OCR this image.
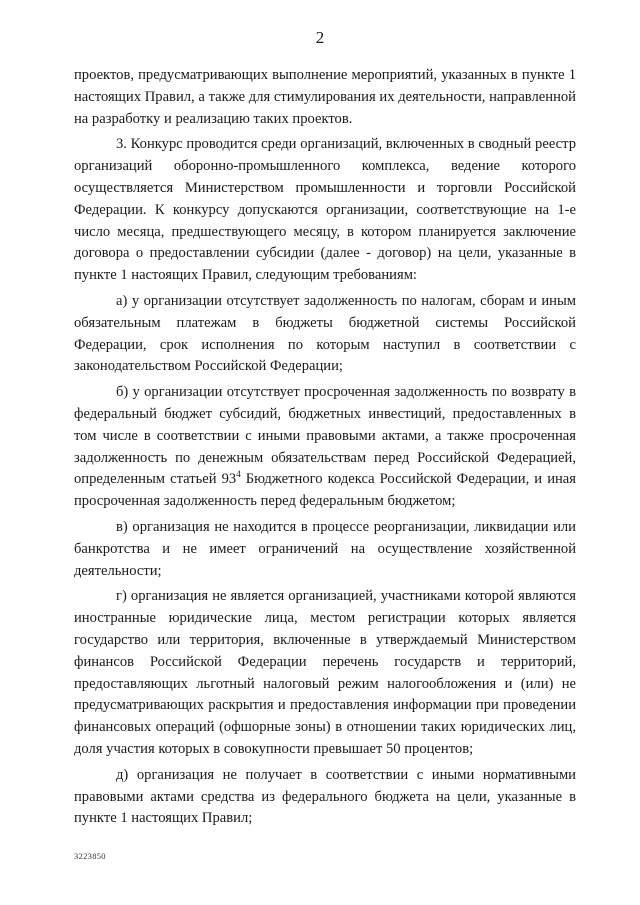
2

проектов, предусматривающих выполнение мероприятий, указанных в пункте 1 настоящих Правил, а также для стимулирования их деятельности, направленной на разработку и реализацию таких проектов.

3. Конкурс проводится среди организаций, включенных в сводный реестр организаций оборонно-промышленного комплекса, ведение которого осуществляется Министерством промышленности и торговли Российской Федерации. К конкурсу допускаются организации, соответствующие на 1-е число месяца, предшествующего месяцу, в котором планируется заключение договора о предоставлении субсидии (далее - договор) на цели, указанные в пункте 1 настоящих Правил, следующим требованиям:

а) у организации отсутствует задолженность по налогам, сборам и иным обязательным платежам в бюджеты бюджетной системы Российской Федерации, срок исполнения по которым наступил в соответствии с законодательством Российской Федерации;

б) у организации отсутствует просроченная задолженность по возврату в федеральный бюджет субсидий, бюджетных инвестиций, предоставленных в том числе в соответствии с иными правовыми актами, а также просроченная задолженность по денежным обязательствам перед Российской Федерацией, определенным статьей $93^4$ Бюджетного кодекса Российской Федерации, и иная просроченная задолженность перед федеральным бюджетом;

в) организация не находится в процессе реорганизации, ликвидации или банкротства и не имеет ограничений на осуществление хозяйственной деятельности;

г) организация не является организацией, участниками которой являются иностранные юридические лица, местом регистрации которых является государство или территория, включенные в утверждаемый Министерством финансов Российской Федерации перечень государств и территорий, предоставляющих льготный налоговый режим налогообложения и (или) не предусматривающих раскрытия и предоставления информации при проведении финансовых операций (офшорные зоны) в отношении таких юридических лиц, доля участия которых в совокупности превышает 50 процентов;

д) организация не получает в соответствии с иными нормативными правовыми актами средства из федерального бюджета на цели, указанные в пункте 1 настоящих Правил;

3223850
